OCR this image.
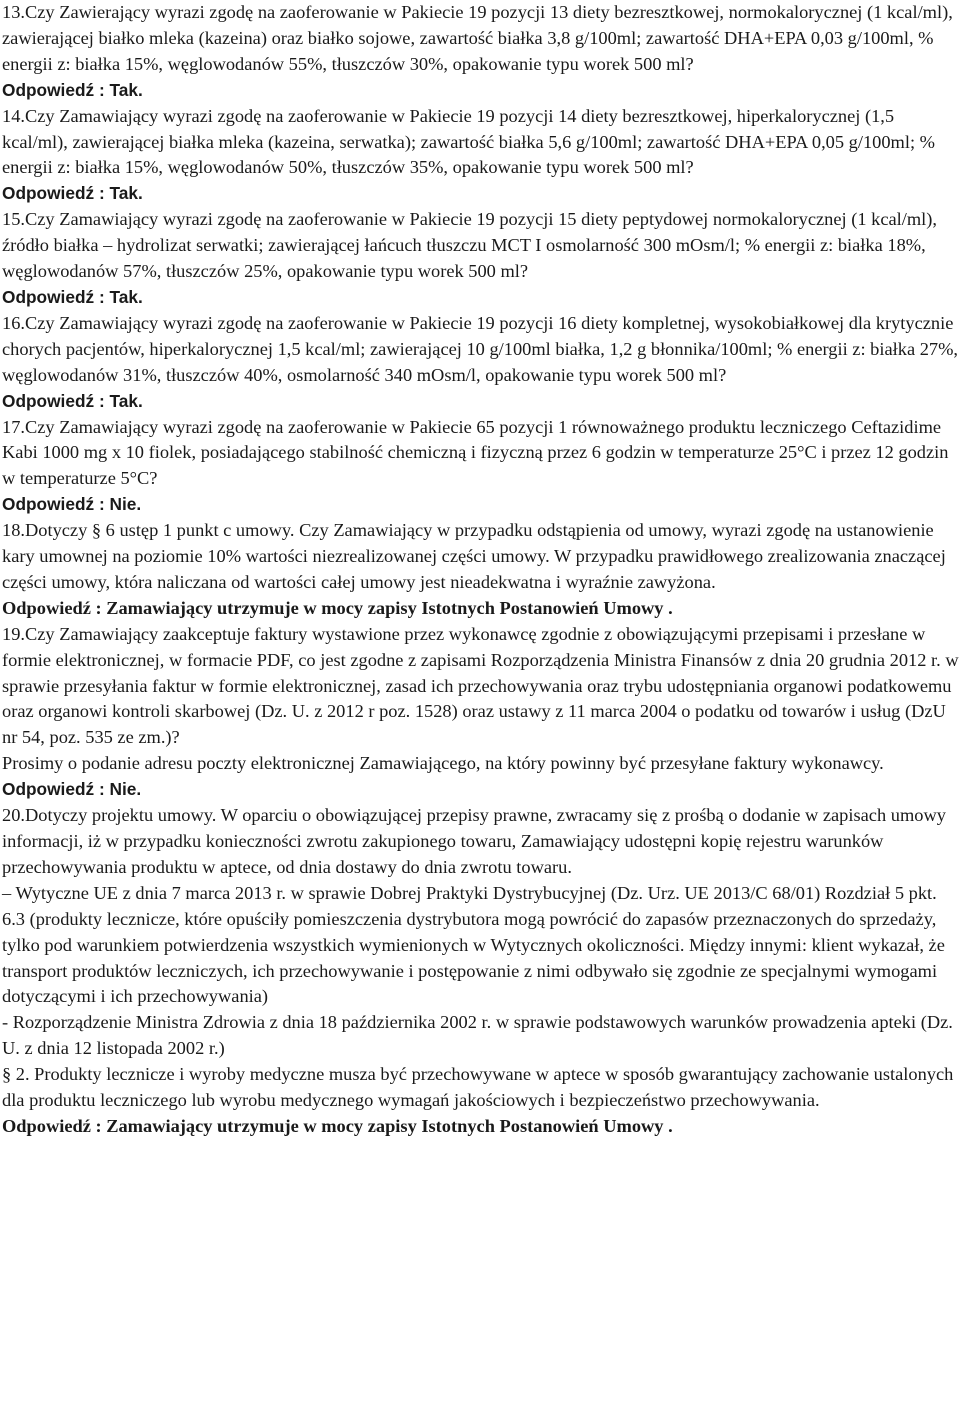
13.Czy Zawierający wyrazi zgodę na zaoferowanie w Pakiecie 19 pozycji 13 diety bezresztkowej, normokalorycznej (1 kcal/ml), zawierającej białko mleka (kazeina) oraz białko sojowe, zawartość białka 3,8 g/100ml; zawartość DHA+EPA 0,03 g/100ml, % energii z: białka 15%, węglowodanów 55%, tłuszczów 30%, opakowanie typu worek 500 ml?

Odpowiedź : Tak.

14.Czy Zamawiający wyrazi zgodę na zaoferowanie w Pakiecie 19 pozycji 14 diety bezresztkowej, hiperkalorycznej (1,5 kcal/ml), zawierającej białka mleka (kazeina, serwatka); zawartość białka 5,6 g/100ml; zawartość DHA+EPA 0,05 g/100ml; % energii z: białka 15%, węglowodanów 50%, tłuszczów 35%, opakowanie typu worek 500 ml?

Odpowiedź : Tak.

15.Czy Zamawiający wyrazi zgodę na zaoferowanie w Pakiecie 19 pozycji 15 diety peptydowej normokalorycznej (1 kcal/ml), źródło białka – hydrolizat serwatki; zawierającej łańcuch tłuszczu MCT I osmolarność 300 mOsm/l; % energii z: białka 18%, węglowodanów 57%, tłuszczów 25%, opakowanie typu worek 500 ml?

Odpowiedź : Tak.

16.Czy Zamawiający wyrazi zgodę na zaoferowanie w Pakiecie 19 pozycji 16 diety kompletnej, wysokobiałkowej dla krytycznie chorych pacjentów, hiperkalorycznej 1,5 kcal/ml; zawierającej 10 g/100ml białka, 1,2 g błonnika/100ml; % energii z: białka 27%, węglowodanów 31%, tłuszczów 40%, osmolarność 340 mOsm/l, opakowanie typu worek 500 ml?

Odpowiedź : Tak.

17.Czy Zamawiający wyrazi zgodę na zaoferowanie w Pakiecie 65 pozycji 1 równoważnego produktu leczniczego Ceftazidime Kabi 1000 mg x 10 fiolek, posiadającego stabilność chemiczną i fizyczną przez 6 godzin w temperaturze 25°C i przez 12 godzin w temperaturze 5°C?

Odpowiedź : Nie.

18.Dotyczy § 6 ustęp 1 punkt c umowy. Czy Zamawiający w przypadku odstąpienia od umowy, wyrazi zgodę na ustanowienie kary umownej na poziomie 10% wartości niezrealizowanej części umowy. W przypadku prawidłowego zrealizowania znaczącej części umowy, która naliczana od wartości całej umowy jest nieadekwatna i wyraźnie zawyżona.

Odpowiedź : Zamawiający utrzymuje w mocy zapisy Istotnych Postanowień Umowy .

19.Czy Zamawiający zaakceptuje faktury wystawione przez wykonawcę zgodnie z obowiązującymi przepisami i przesłane w formie elektronicznej, w formacie PDF, co jest zgodne z zapisami Rozporządzenia Ministra Finansów z dnia 20 grudnia 2012 r. w sprawie przesyłania faktur w formie elektronicznej, zasad ich przechowywania oraz trybu udostępniania organowi podatkowemu oraz organowi kontroli skarbowej (Dz. U. z 2012 r poz. 1528) oraz ustawy z 11 marca 2004 o podatku od towarów i usług (DzU nr 54, poz. 535 ze zm.)?

Prosimy o podanie adresu poczty elektronicznej Zamawiającego, na który powinny być przesyłane faktury wykonawcy.

Odpowiedź : Nie.

20.Dotyczy projektu umowy. W oparciu o obowiązującej przepisy prawne, zwracamy się z prośbą o dodanie w zapisach umowy informacji, iż w przypadku konieczności zwrotu zakupionego towaru, Zamawiający udostępni kopię rejestru warunków przechowywania produktu w aptece, od dnia dostawy do dnia zwrotu towaru.

– Wytyczne UE z dnia 7 marca 2013 r. w sprawie Dobrej Praktyki Dystrybucyjnej (Dz. Urz. UE 2013/C 68/01) Rozdział 5 pkt. 6.3 (produkty lecznicze, które opuściły pomieszczenia dystrybutora mogą powrócić do zapasów przeznaczonych do sprzedaży, tylko pod warunkiem potwierdzenia wszystkich wymienionych w Wytycznych okoliczności. Między innymi: klient wykazał, że transport produktów leczniczych, ich przechowywanie i postępowanie z nimi odbywało się zgodnie ze specjalnymi wymogami dotyczącymi i ich przechowywania)

- Rozporządzenie Ministra Zdrowia z dnia 18 października 2002 r. w sprawie podstawowych warunków prowadzenia apteki (Dz. U. z dnia 12 listopada 2002 r.)

§ 2. Produkty lecznicze i wyroby medyczne musza być przechowywane w aptece w sposób gwarantujący zachowanie ustalonych dla produktu leczniczego lub wyrobu medycznego wymagań jakościowych i bezpieczeństwo przechowywania.

Odpowiedź : Zamawiający utrzymuje w mocy zapisy Istotnych Postanowień Umowy .
